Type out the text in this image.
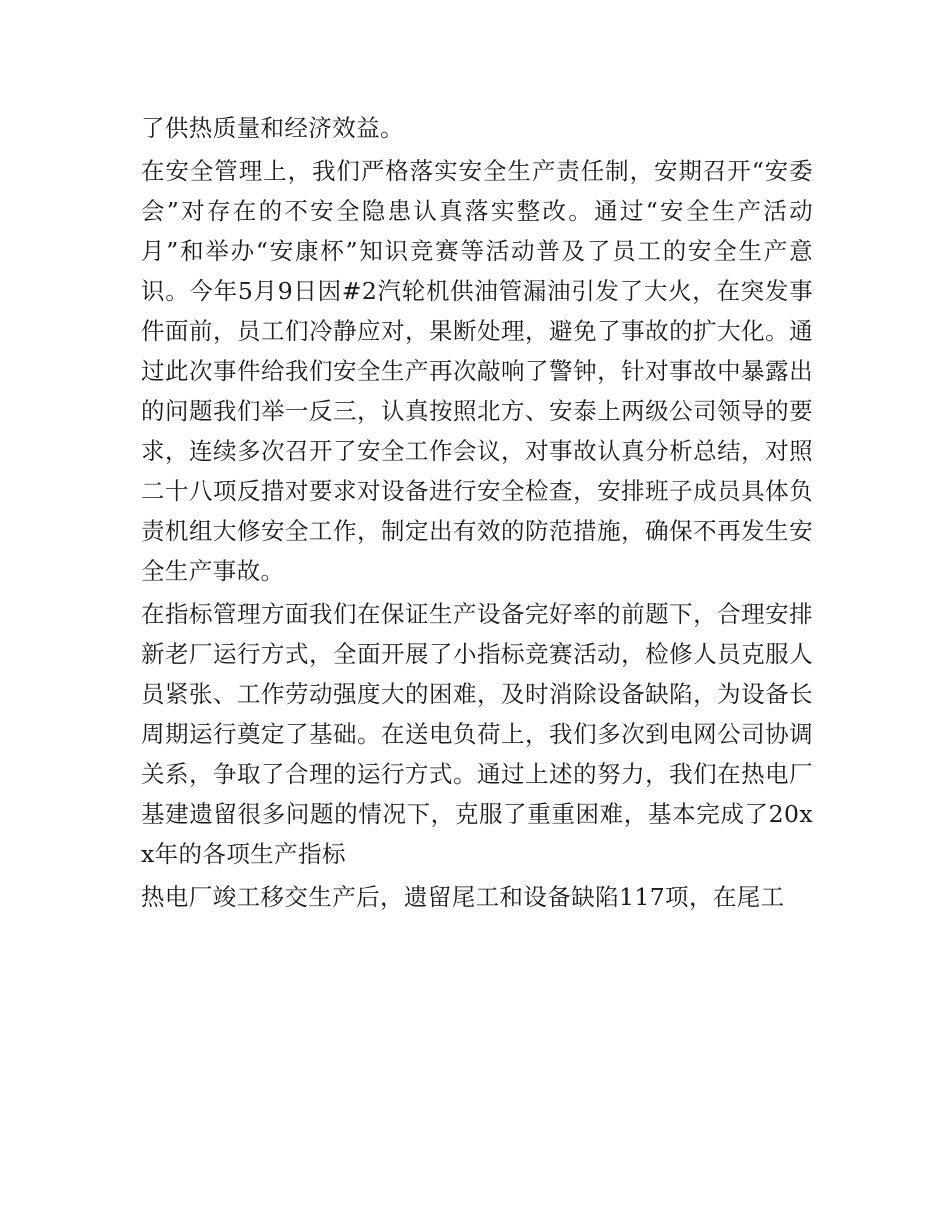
了供热质量和经济效益。

在安全管理上，我们严格落实安全生产责任制，安期召开“安委会”对存在的不安全隐患认真落实整改。通过“安全生产活动月”和举办“安康杯”知识竞赛等活动普及了员工的安全生产意识。今年5月9日因#2汽轮机供油管漏油引发了大火，在突发事件面前，员工们冷静应对，果断处理，避免了事故的扩大化。通过此次事件给我们安全生产再次敲响了警钟，针对事故中暴露出的问题我们举一反三，认真按照北方、安泰上两级公司领导的要求，连续多次召开了安全工作会议，对事故认真分析总结，对照二十八项反措对要求对设备进行安全检查，安排班子成员具体负责机组大修安全工作，制定出有效的防范措施，确保不再发生安全生产事故。

在指标管理方面我们在保证生产设备完好率的前题下，合理安排新老厂运行方式，全面开展了小指标竞赛活动，检修人员克服人员紧张、工作劳动强度大的困难，及时消除设备缺陷，为设备长周期运行奠定了基础。在送电负荷上，我们多次到电网公司协调关系，争取了合理的运行方式。通过上述的努力，我们在热电厂基建遗留很多问题的情况下，克服了重重困难，基本完成了20xx年的各项生产指标

热电厂竣工移交生产后，遗留尾工和设备缺陷117项，在尾工
